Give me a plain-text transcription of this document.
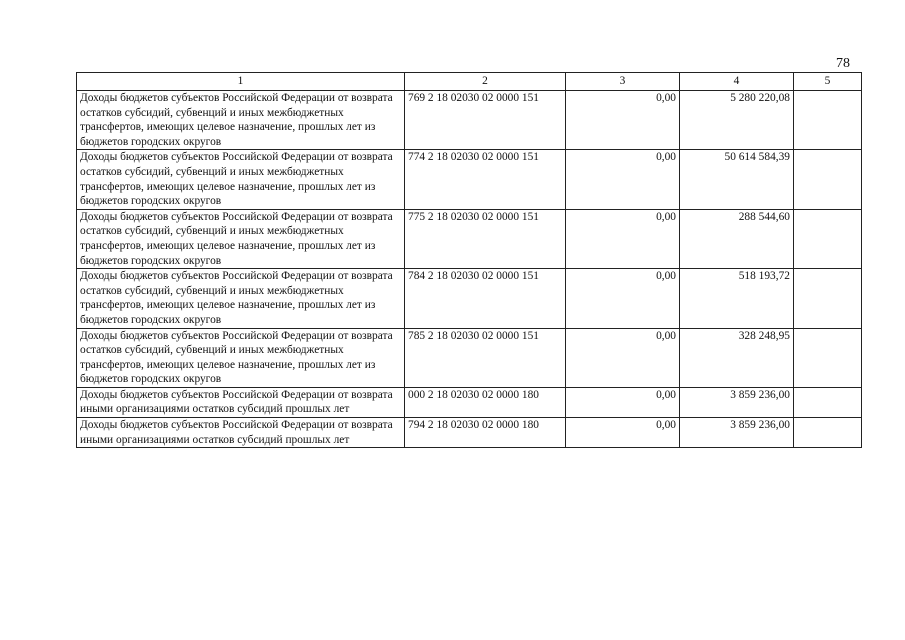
78
1	2	3	4	5
Доходы бюджетов субъектов Российской Федерации от возврата остатков субсидий, субвенций и иных межбюджетных трансфертов, имеющих целевое назначение, прошлых лет из бюджетов городских округов	769 2 18 02030 02 0000 151	0,00	5 280 220,08	
Доходы бюджетов субъектов Российской Федерации от возврата остатков субсидий, субвенций и иных межбюджетных трансфертов, имеющих целевое назначение, прошлых лет из бюджетов городских округов	774 2 18 02030 02 0000 151	0,00	50 614 584,39	
Доходы бюджетов субъектов Российской Федерации от возврата остатков субсидий, субвенций и иных межбюджетных трансфертов, имеющих целевое назначение, прошлых лет из бюджетов городских округов	775 2 18 02030 02 0000 151	0,00	288 544,60	
Доходы бюджетов субъектов Российской Федерации от возврата остатков субсидий, субвенций и иных межбюджетных трансфертов, имеющих целевое назначение, прошлых лет из бюджетов городских округов	784 2 18 02030 02 0000 151	0,00	518 193,72	
Доходы бюджетов субъектов Российской Федерации от возврата остатков субсидий, субвенций и иных межбюджетных трансфертов, имеющих целевое назначение, прошлых лет из бюджетов городских округов	785 2 18 02030 02 0000 151	0,00	328 248,95	
Доходы бюджетов субъектов Российской Федерации от возврата иными организациями остатков субсидий прошлых лет	000 2 18 02030 02 0000 180	0,00	3 859 236,00	
Доходы бюджетов субъектов Российской Федерации от возврата иными организациями остатков субсидий прошлых лет	794 2 18 02030 02 0000 180	0,00	3 859 236,00	
